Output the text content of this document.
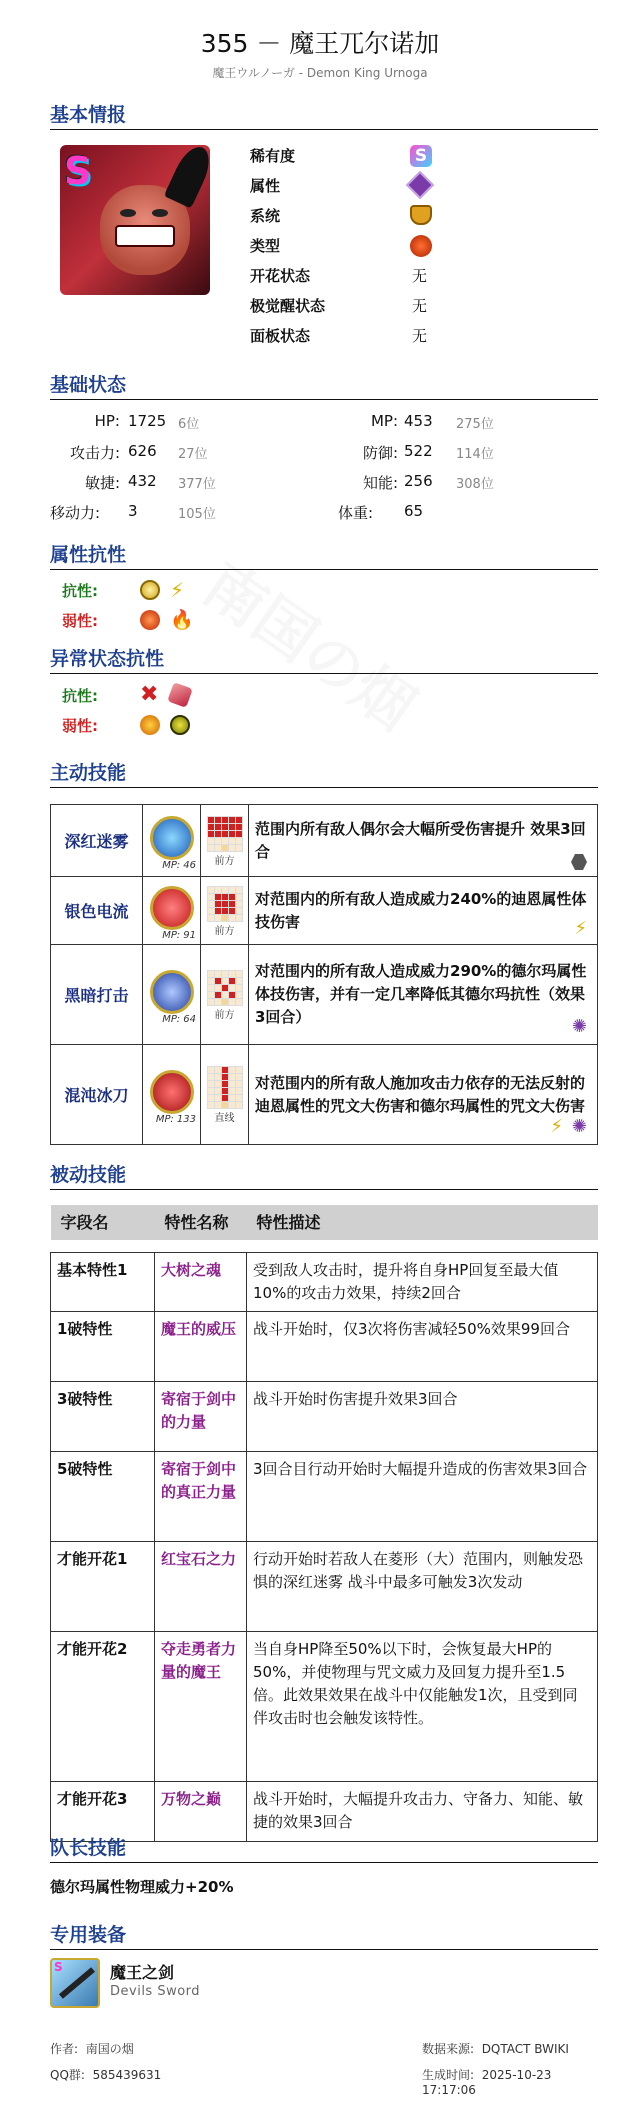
355 － 魔王兀尔诺加
魔王ウルノーガ - Demon King Urnoga
基本情报
S	稀有度	S
属性
系统
类型
开花状态	无
极觉醒状态	无
面板状态	无
基础状态
HP: 1725 6位	MP: 453 275位
攻击力: 626 27位	防御: 522 114位
敏捷: 432 377位	知能: 256 308位
移动力:	3	105位	体重:	65
属性抗性
抗性:	⚡
弱性:	🔥
异常状态抗性
抗性: ✖
弱性:
主动技能
深红迷雾	MP: 46	前方	范围内所有敌人偶尔会大幅所受伤害提升 效果3回合

银色电流	MP: 91	前方	对范围内的所有敌人造成威力240%的迪恩属性体技伤害 ⚡

黑暗打击	MP: 64	前方	对范围内的所有敌人造成威力290%的德尔玛属性体技伤害，并有一定几率降低其德尔玛抗性（效果3回合） ✺

混沌冰刀	MP: 133	直线	对范围内的所有敌人施加攻击力依存的无法反射的迪恩属性的咒文大伤害和德尔玛属性的咒文大伤害
⚡ ✺
被动技能
字段名	特性名称	特性描述

基本特性1	大树之魂	受到敌人攻击时，提升将自身HP回复至最大值10%的攻击力效果，持续2回合
1破特性	魔王的威压	战斗开始时，仅3次将伤害减轻50%效果99回合
3破特性	寄宿于剑中的力量	战斗开始时伤害提升效果3回合
5破特性	寄宿于剑中的真正力量	3回合目行动开始时大幅提升造成的伤害效果3回合
才能开花1	红宝石之力	行动开始时若敌人在菱形（大）范围内，则触发恐惧的深红迷雾 战斗中最多可触发3次发动
才能开花2	夺走勇者力量的魔王	当自身HP降至50%以下时，会恢复最大HP的50%，并使物理与咒文威力及回复力提升至1.5倍。此效果效果在战斗中仅能触发1次，且受到同伴攻击时也会触发该特性。
才能开花3	万物之巅	战斗开始时，大幅提升攻击力、守备力、知能、敏捷的效果3回合
队长技能
德尔玛属性物理威力+20%
专用装备
S	魔王之剑
Devils Sword
作者: 南国の烟
QQ群: 585439631
数据来源: DQTACT BWIKI
生成时间: 2025-10-23 17:17:06
